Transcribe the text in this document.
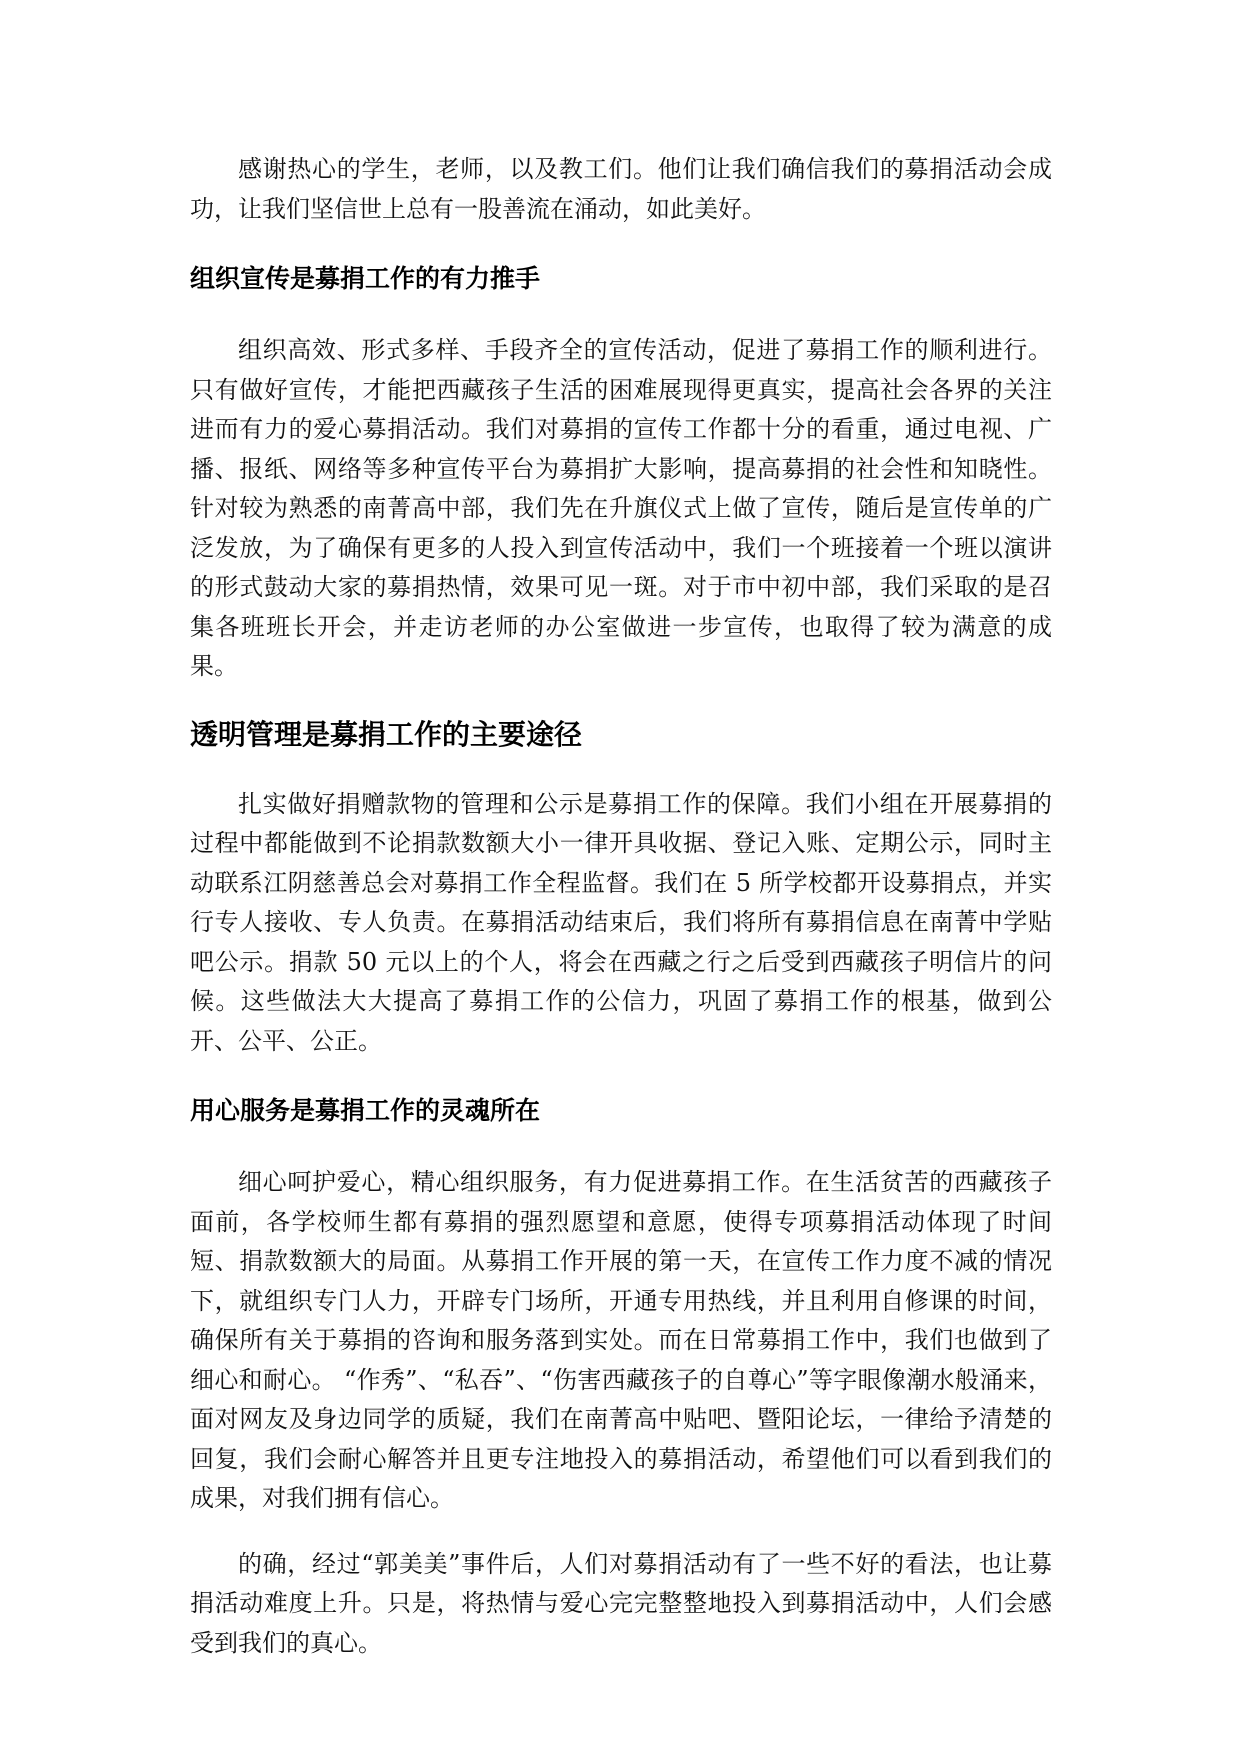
感谢热心的学生，老师，以及教工们。他们让我们确信我们的募捐活动会成功，让我们坚信世上总有一股善流在涌动，如此美好。

组织宣传是募捐工作的有力推手

组织高效、形式多样、手段齐全的宣传活动，促进了募捐工作的顺利进行。只有做好宣传，才能把西藏孩子生活的困难展现得更真实，提高社会各界的关注进而有力的爱心募捐活动。我们对募捐的宣传工作都十分的看重，通过电视、广播、报纸、网络等多种宣传平台为募捐扩大影响，提高募捐的社会性和知晓性。针对较为熟悉的南菁高中部，我们先在升旗仪式上做了宣传，随后是宣传单的广泛发放，为了确保有更多的人投入到宣传活动中，我们一个班接着一个班以演讲的形式鼓动大家的募捐热情，效果可见一斑。对于市中初中部，我们采取的是召集各班班长开会，并走访老师的办公室做进一步宣传，也取得了较为满意的成果。

透明管理是募捐工作的主要途径

扎实做好捐赠款物的管理和公示是募捐工作的保障。我们小组在开展募捐的过程中都能做到不论捐款数额大小一律开具收据、登记入账、定期公示，同时主动联系江阴慈善总会对募捐工作全程监督。我们在 5 所学校都开设募捐点，并实行专人接收、专人负责。在募捐活动结束后，我们将所有募捐信息在南菁中学贴吧公示。捐款 50 元以上的个人，将会在西藏之行之后受到西藏孩子明信片的问候。这些做法大大提高了募捐工作的公信力，巩固了募捐工作的根基，做到公开、公平、公正。

用心服务是募捐工作的灵魂所在

细心呵护爱心，精心组织服务，有力促进募捐工作。在生活贫苦的西藏孩子面前，各学校师生都有募捐的强烈愿望和意愿，使得专项募捐活动体现了时间短、捐款数额大的局面。从募捐工作开展的第一天，在宣传工作力度不减的情况下，就组织专门人力，开辟专门场所，开通专用热线，并且利用自修课的时间，确保所有关于募捐的咨询和服务落到实处。而在日常募捐工作中，我们也做到了细心和耐心。 “作秀”、“私吞”、“伤害西藏孩子的自尊心”等字眼像潮水般涌来，面对网友及身边同学的质疑，我们在南菁高中贴吧、暨阳论坛，一律给予清楚的回复，我们会耐心解答并且更专注地投入的募捐活动，希望他们可以看到我们的成果，对我们拥有信心。

的确，经过“郭美美”事件后，人们对募捐活动有了一些不好的看法，也让募捐活动难度上升。只是，将热情与爱心完完整整地投入到募捐活动中，人们会感受到我们的真心。
